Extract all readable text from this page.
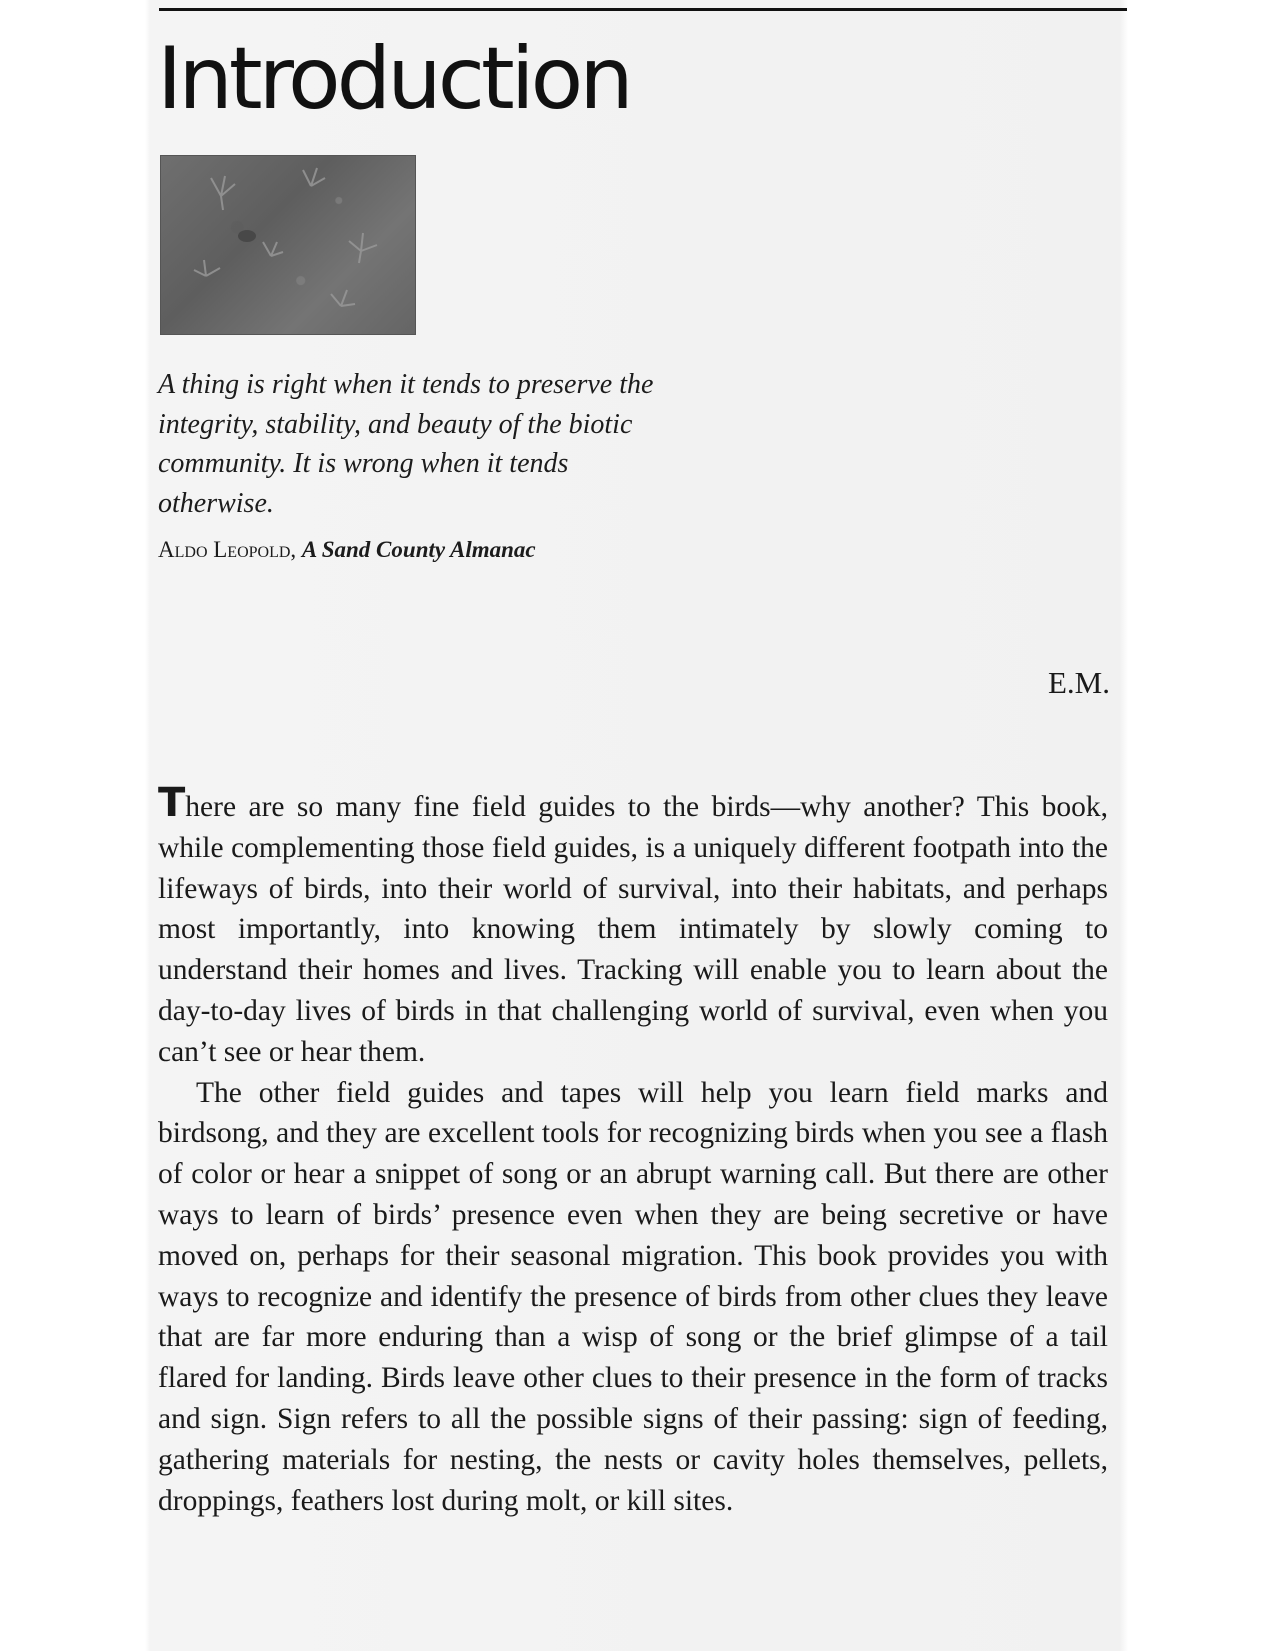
Introduction

A thing is right when it tends to preserve the integrity, stability, and beauty of the biotic community. It is wrong when it tends otherwise.

Aldo Leopold, A Sand County Almanac

E.M.

There are so many fine field guides to the birds—why another? This book, while complementing those field guides, is a uniquely different footpath into the lifeways of birds, into their world of survival, into their habitats, and perhaps most importantly, into knowing them intimately by slowly coming to understand their homes and lives. Tracking will enable you to learn about the day-to-day lives of birds in that challenging world of survival, even when you can’t see or hear them.

The other field guides and tapes will help you learn field marks and birdsong, and they are excellent tools for recognizing birds when you see a flash of color or hear a snippet of song or an abrupt warning call. But there are other ways to learn of birds’ presence even when they are being secretive or have moved on, perhaps for their seasonal migration. This book provides you with ways to recognize and identify the presence of birds from other clues they leave that are far more enduring than a wisp of song or the brief glimpse of a tail flared for landing. Birds leave other clues to their presence in the form of tracks and sign. Sign refers to all the possible signs of their passing: sign of feeding, gathering materials for nesting, the nests or cavity holes themselves, pellets, droppings, feathers lost during molt, or kill sites.
